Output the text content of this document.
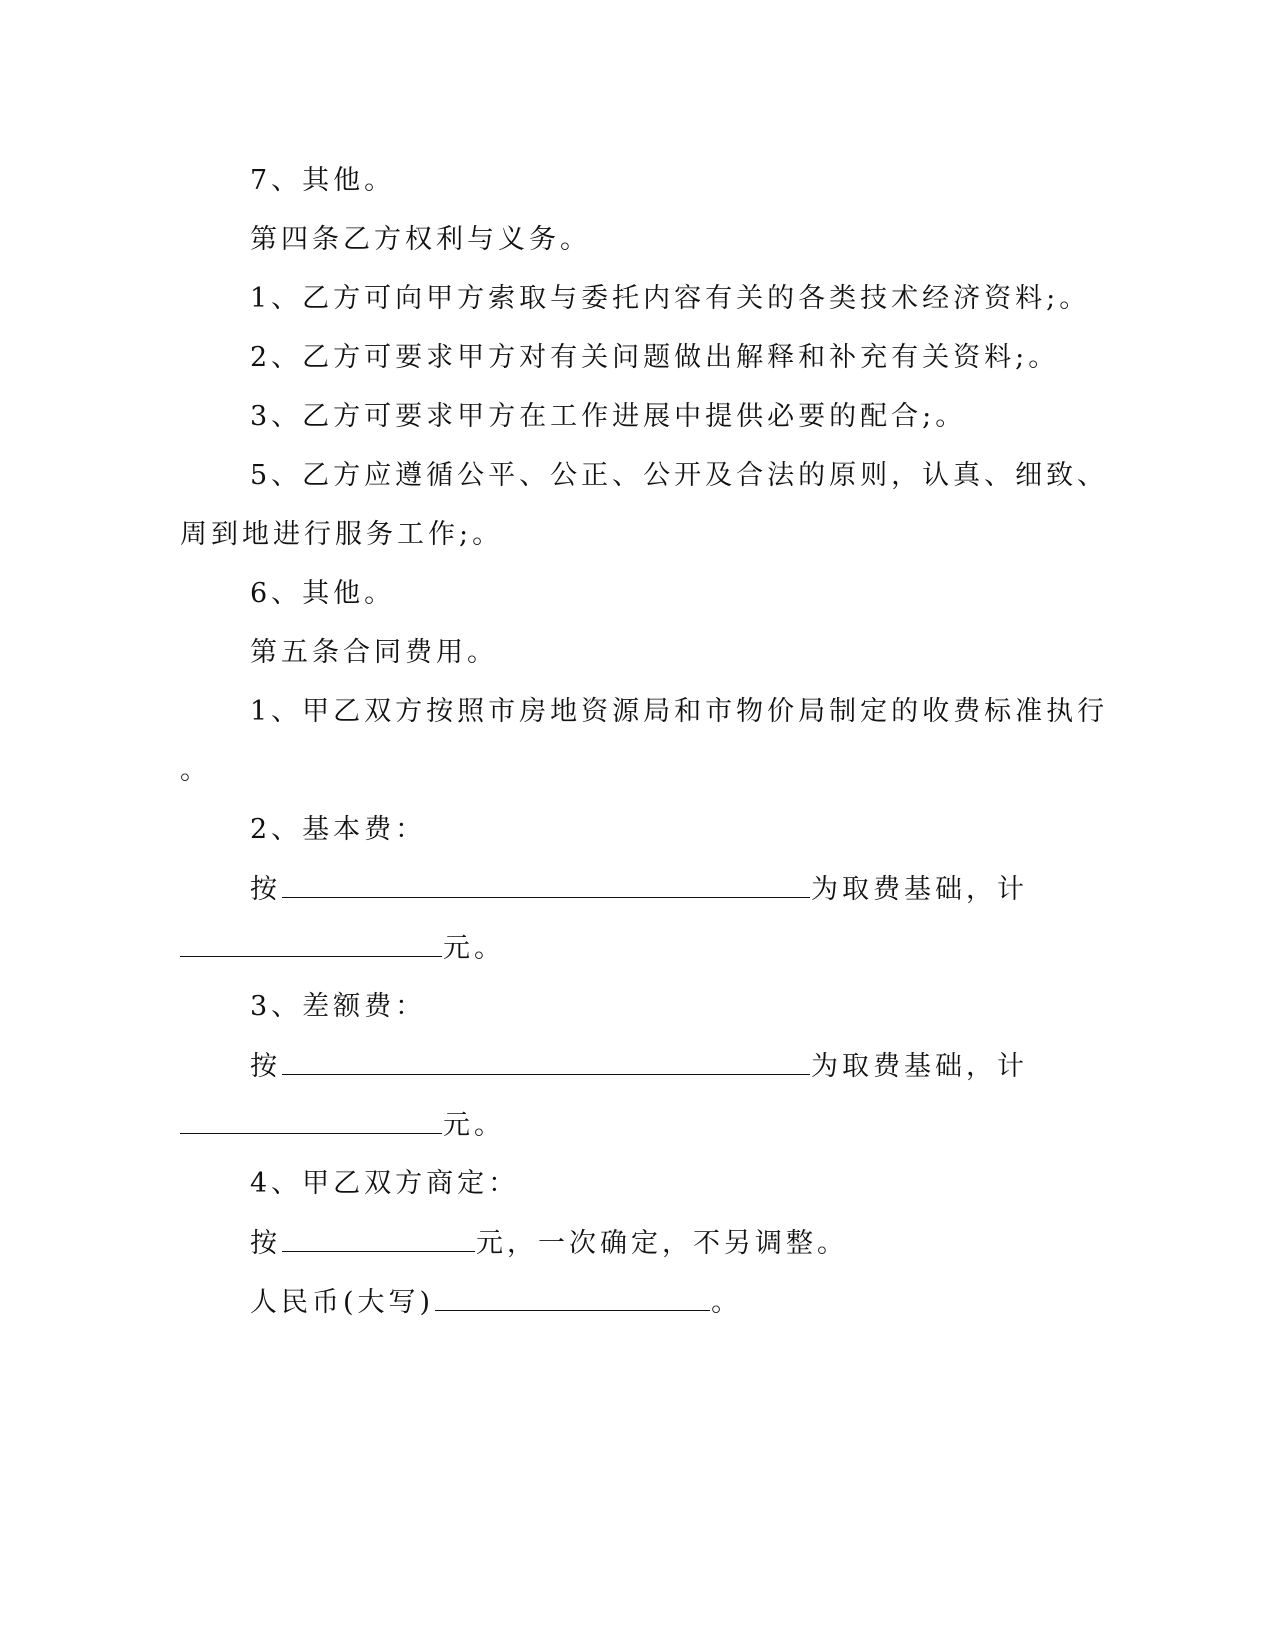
7、其他。
第四条乙方权利与义务。
1、乙方可向甲方索取与委托内容有关的各类技术经济资料;。
2、乙方可要求甲方对有关问题做出解释和补充有关资料;。
3、乙方可要求甲方在工作进展中提供必要的配合;。
5、乙方应遵循公平、公正、公开及合法的原则，认真、细致、
周到地进行服务工作;。
6、其他。
第五条合同费用。
1、甲乙双方按照市房地资源局和市物价局制定的收费标准执行
。
2、基本费：
按	为取费基础，计
元。
3、差额费：
按	为取费基础，计
元。
4、甲乙双方商定：
按	元，一次确定，不另调整。
人民币(大写)	。
